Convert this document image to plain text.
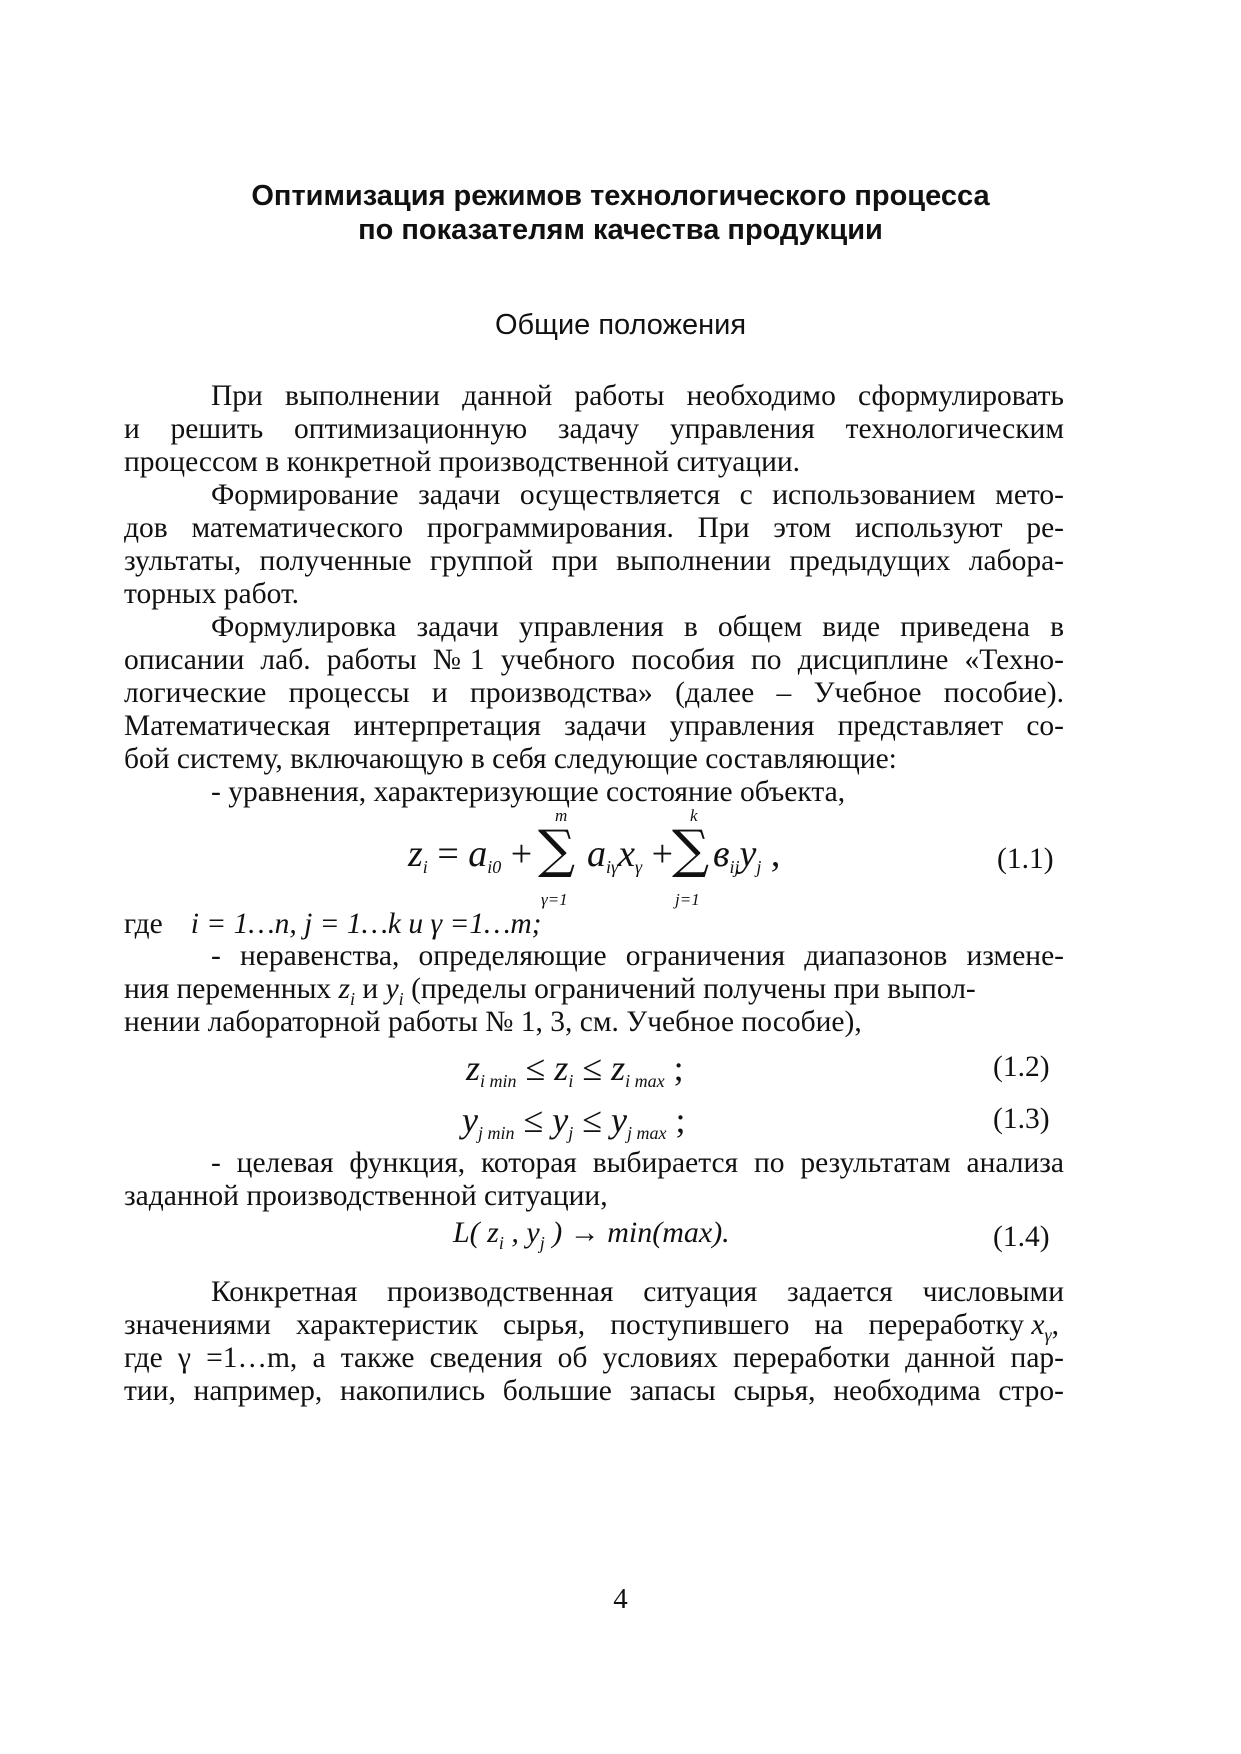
Оптимизация режимов технологического процесса
по показателям качества продукции
Общие положения
При выполнении данной работы необходимо сформулировать
и решить оптимизационную задачу управления технологическим
процессом в конкретной производственной ситуации.
Формирование задачи осуществляется с использованием мето-
дов математического программирования. При этом используют ре-
зультаты, полученные группой при выполнении предыдущих лабора-
торных работ.
Формулировка задачи управления в общем виде приведена в
описании лаб. работы №1 учебного пособия по дисциплине «Техно-
логические процессы и производства» (далее – Учебное пособие).
Математическая интерпретация задачи управления представляет со-
бой систему, включающую в себя следующие составляющие:
- уравнения, характеризующие состояние объекта,
$z_i = a_{i0}$ + ∑
m
γ=1
$a_{i\gamma}x_\gamma$ + ∑
k
j=1
$в_{ij}y_j$ ,	(1.1)
где i = 1…n, j = 1…k и γ =1…m;
- неравенства, определяющие ограничения диапазонов измене-
ния переменных $z_i$ и $y_i$ (пределы ограничений получены при выпол-
нении лабораторной работы № 1, 3, см. Учебное пособие),
$z_{i min} \le z_i \le z_{i max}$ ;	(1.2)
$y_{j min} \le y_j \le y_{j max}$ ;	(1.3)
- целевая функция, которая выбирается по результатам анализа
заданной производственной ситуации,
L( $z_i$ , $y_j$ ) → min(max).	(1.4)
Конкретная производственная ситуация задается числовыми
значениями характеристик сырья, поступившего на переработку $x_\gamma$,
где γ =1…m, а также сведения об условиях переработки данной пар-
тии, например, накопились большие запасы сырья, необходима стро-
4
